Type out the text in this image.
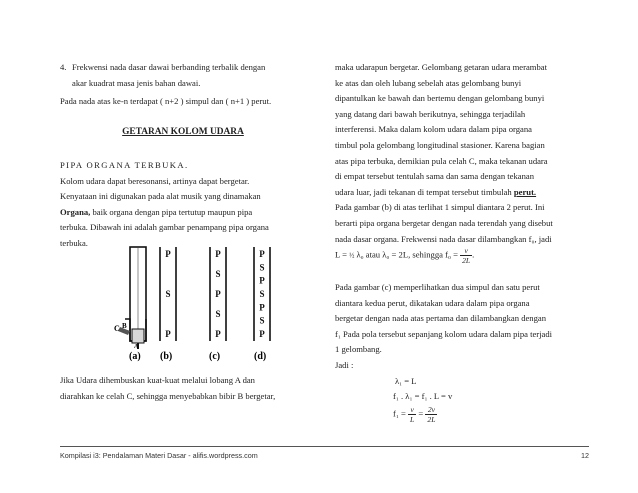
4. Frekwensi nada dasar dawai berbanding terbalik dengan

akar kuadrat masa jenis bahan dawai.

Pada nada atas ke-n terdapat ( n+2 ) simpul dan ( n+1 ) perut.

GETARAN KOLOM UDARA

PIPA ORGANA TERBUKA.

Kolom udara dapat beresonansi, artinya dapat bergetar.

Kenyataan ini digunakan pada alat musik yang dinamakan

Organa, baik organa dengan pipa tertutup maupun pipa

terbuka. Dibawah ini adalah gambar penampang pipa organa

terbuka.

P
S
P
P
S
P
S
P
P
S
P
S
P
S
P
C B
A
(a) (b)	(c)	(d)

Jika Udara dihembuskan kuat-kuat melalui lobang A dan

diarahkan ke celah C, sehingga menyebabkan bibir B bergetar,

maka udarapun bergetar. Gelombang getaran udara merambat

ke atas dan oleh lubang sebelah atas gelombang bunyi

dipantulkan ke bawah dan bertemu dengan gelombang bunyi

yang datang dari bawah berikutnya, sehingga terjadilah

interferensi. Maka dalam kolom udara dalam pipa organa

timbul pola gelombang longitudinal stasioner. Karena bagian

atas pipa terbuka, demikian pula celah C, maka tekanan udara

di empat tersebut tentulah sama dan sama dengan tekanan

udara luar, jadi tekanan di tempat tersebut timbulah perut.

Pada gambar (b) di atas terlihat 1 simpul diantara 2 perut. Ini

berarti pipa organa bergetar dengan nada terendah yang disebut

nada dasar organa. Frekwensi nada dasar dilambangkan f₀, jadi

L = ½ λ₀ atau λ₀ = 2L, sehingga $f_0 = \frac{v}{2L}$ .

Pada gambar (c) memperlihatkan dua simpul dan satu perut

diantara kedua perut, dikatakan udara dalam pipa organa

bergetar dengan nada atas pertama dan dilambangkan dengan

f₁ Pada pola tersebut sepanjang kolom udara dalam pipa terjadi

1 gelombang.

Jadi :

λ₁ = L
f₁ . λ₁ = f₁ . L = v
$f_1 = \frac{v}{L} = \frac{2v}{2L}$
Kompilasi i3: Pendalaman Materi Dasar - alifis.wordpress.com	12
